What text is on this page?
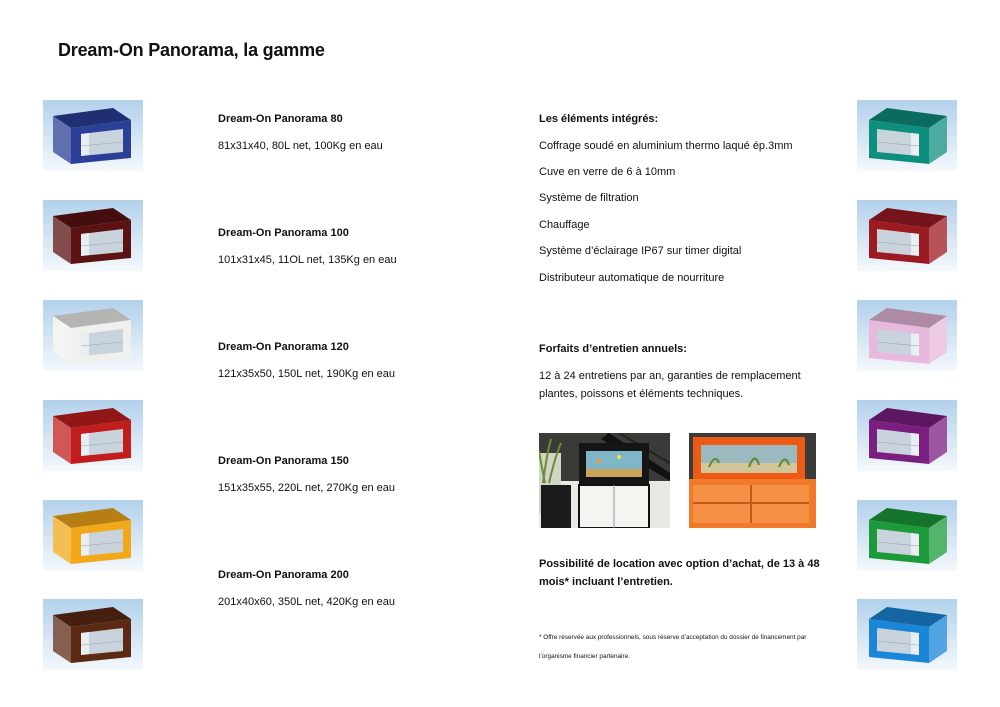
Dream-On Panorama, la gamme
Dream-On Panorama 80
81x31x40, 80L net, 100Kg en eau
Dream-On Panorama 100
101x31x45, 11OL net, 135Kg en eau
Dream-On Panorama 120
121x35x50, 150L net, 190Kg en eau
Dream-On Panorama 150
151x35x55, 220L net, 270Kg en eau
Dream-On Panorama 200
201x40x60, 350L net, 420Kg en eau
Les éléments intégrés:
Coffrage soudé en aluminium thermo laqué ép.3mm
Cuve en verre de 6 à 10mm
Système de filtration
Chauffage
Système d’éclairage IP67 sur timer digital
Distributeur automatique de nourriture
Forfaits d’entretien annuels:
12 à 24 entretiens par an, garanties de remplacement plantes, poissons et éléments techniques.
Possibilité de location avec option d’achat, de 13 à 48 mois* incluant l’entretien.
* Offre réservée aux professionnels, sous réserve d’acceptation du dossier de financement par
l’organisme financier partenaire.
